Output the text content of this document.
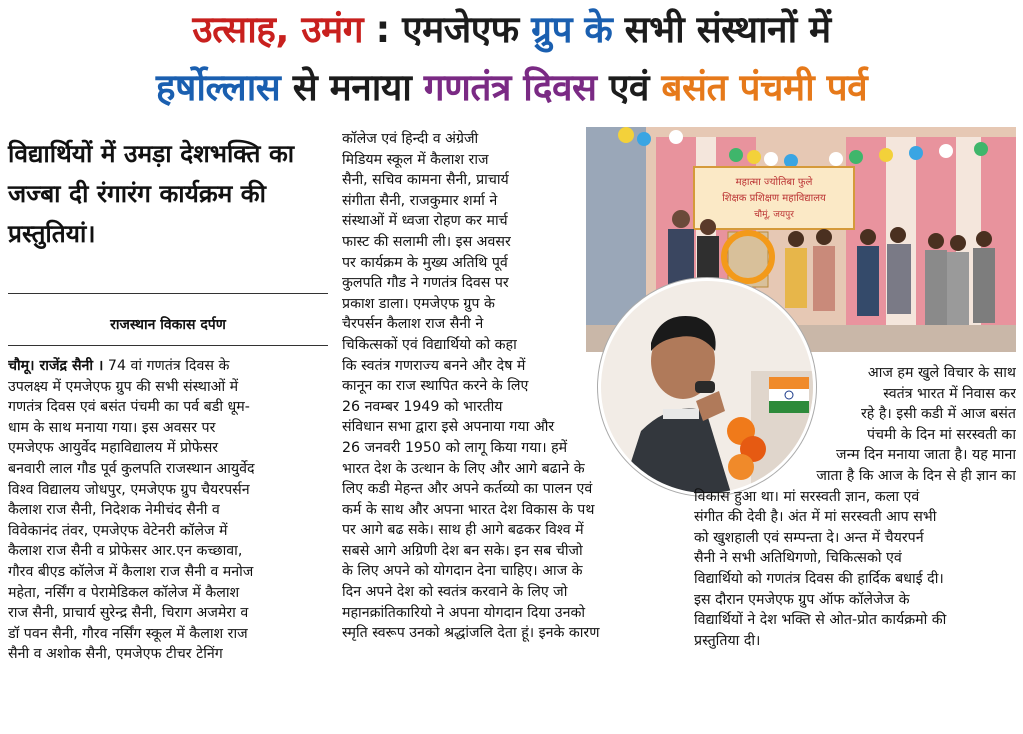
उत्साह, उमंग : एमजेएफ ग्रुप के सभी संस्थानों में
हर्षोल्लास से मनाया गणतंत्र दिवस एवं बसंत पंचमी पर्व
विद्यार्थियों में उमड़ा देशभक्ति का जज्बा दी रंगारंग कार्यक्रम की प्रस्तुतियां।
राजस्थान विकास दर्पण
चौमू। राजेंद्र सैनी । 74 वां गणतंत्र दिवस के
उपलक्ष्य में एमजेएफ ग्रुप की सभी संस्थाओं में
गणतंत्र दिवस एवं बसंत पंचमी का पर्व बडी धूम-
धाम के साथ मनाया गया। इस अवसर पर
एमजेएफ आयुर्वेद महाविद्यालय में प्रोफेसर
बनवारी लाल गौड पूर्व कुलपति राजस्थान आयुर्वेद
विश्व विद्यालय जोधपुर, एमजेएफ ग्रुप चैयरपर्सन
कैलाश राज सैनी, निदेशक नेमीचंद सैनी व
विवेकानंद तंवर, एमजेएफ वेटेनरी कॉलेज में
कैलाश राज सैनी व प्रोफेसर आर.एन कच्छावा,
गौरव बीएड कॉलेज में कैलाश राज सैनी व मनोज
महेता, नर्सिंग व पेरामेडिकल कॉलेज में कैलाश
राज सैनी, प्राचार्य सुरेन्द्र सैनी, चिराग अजमेरा व
डॉ पवन सैनी, गौरव नर्सिंग स्कूल में कैलाश राज
सैनी व अशोक सैनी, एमजेएफ टीचर टेनिंग
कॉलेज एवं हिन्दी व अंग्रेजी
मिडियम स्कूल में कैलाश राज
सैनी, सचिव कामना सैनी, प्राचार्य
संगीता सैनी, राजकुमार शर्मा ने
संस्थाओं में ध्वजा रोहण कर मार्च
फास्ट की सलामी ली। इस अवसर
पर कार्यक्रम के मुख्य अतिथि पूर्व
कुलपति गौड ने गणतंत्र दिवस पर
प्रकाश डाला। एमजेएफ ग्रुप के
चैरपर्सन कैलाश राज सैनी ने
चिकित्सकों एवं विद्यार्थियो को कहा
कि स्वतंत्र गणराज्य बनने और देष में
कानून का राज स्थापित करने के लिए
26 नवम्बर 1949 को भारतीय
संविधान सभा द्वारा इसे अपनाया गया और
26 जनवरी 1950 को लागू किया गया। हमें
भारत देश के उत्थान के लिए और आगे बढाने के
लिए कडी मेहन्त और अपने कर्तव्यो का पालन एवं
कर्म के साथ और अपना भारत देश विकास के पथ
पर आगे बढ सके। साथ ही आगे बढकर विश्व में
सबसे आगे अग्रिणी देश बन सके। इन सब चीजो
के लिए अपने को योगदान देना चाहिए। आज के
दिन अपने देश को स्वतंत्र करवाने के लिए जो
महानक्रांतिकारियो ने अपना योगदान दिया उनको
स्मृति स्वरूप उनको श्रद्धांजलि देता हूं। इनके कारण
महात्मा ज्योतिबा फुले
शिक्षक प्रशिक्षण महाविद्यालय
चौमूं, जयपुर
आज हम खुले विचार के साथ
स्वतंत्र भारत में निवास कर
रहे है। इसी कडी में आज बसंत
पंचमी के दिन मां सरस्वती का
जन्म दिन मनाया जाता है। यह माना
जाता है कि आज के दिन से ही ज्ञान का
विकास हुआ था। मां सरस्वती ज्ञान, कला एवं
संगीत की देवी है। अंत में मां सरस्वती आप सभी
को खुशहाली एवं सम्पन्ता दे। अन्त में चैयरपर्न
सैनी ने सभी अतिथिगणो, चिकित्सको एवं
विद्यार्थियो को गणतंत्र दिवस की हार्दिक बधाई दी।
इस दौरान एमजेएफ ग्रुप ऑफ कॉलेजेज के
विद्यार्थियों ने देश भक्ति से ओत-प्रोत कार्यक्रमो की
प्रस्तुतिया दी।
